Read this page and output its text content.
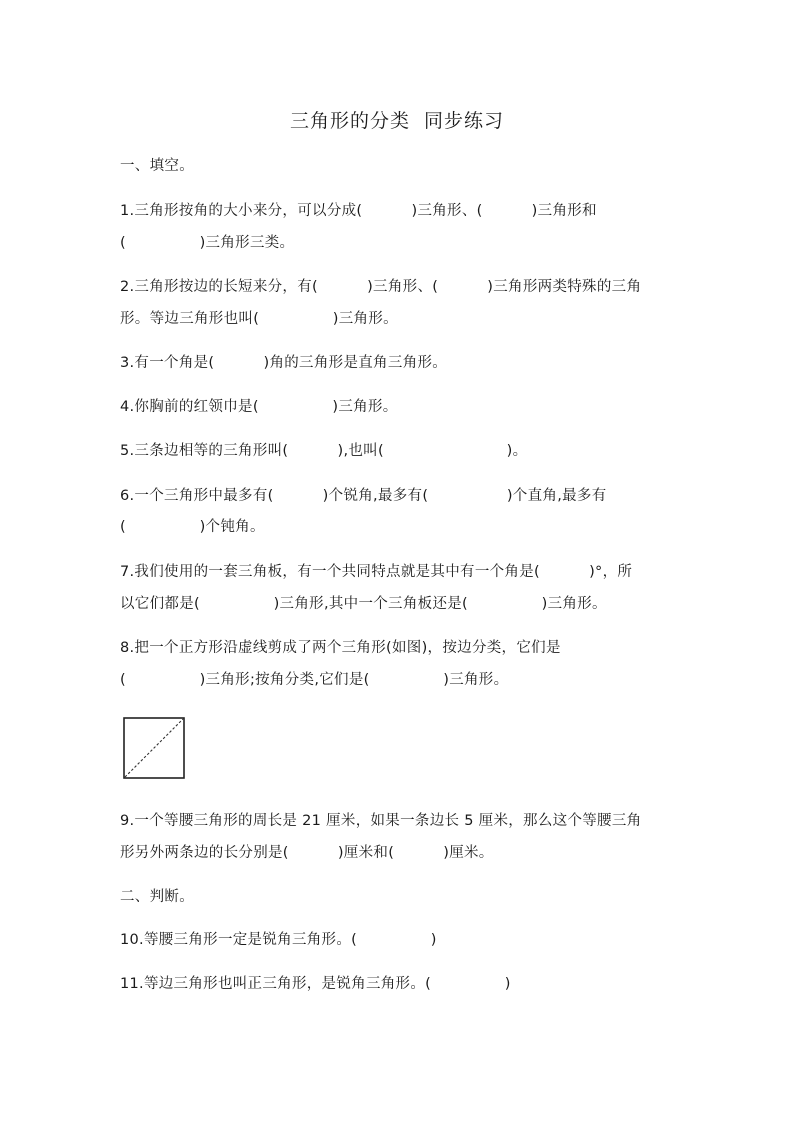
三角形的分类  同步练习
一、填空。
1.三角形按角的大小来分，可以分成(          )三角形、(          )三角形和
(               )三角形三类。
2.三角形按边的长短来分，有(          )三角形、(          )三角形两类特殊的三角
形。等边三角形也叫(               )三角形。
3.有一个角是(          )角的三角形是直角三角形。
4.你胸前的红领巾是(               )三角形。
5.三条边相等的三角形叫(          ),也叫(                         )。
6.一个三角形中最多有(          )个锐角,最多有(                )个直角,最多有
(               )个钝角。
7.我们使用的一套三角板，有一个共同特点就是其中有一个角是(          )°，所
以它们都是(               )三角形,其中一个三角板还是(               )三角形。
8.把一个正方形沿虚线剪成了两个三角形(如图)，按边分类，它们是
(               )三角形;按角分类,它们是(               )三角形。
9.一个等腰三角形的周长是 21 厘米，如果一条边长 5 厘米，那么这个等腰三角
形另外两条边的长分别是(          )厘米和(          )厘米。
二、判断。
10.等腰三角形一定是锐角三角形。(               )
11.等边三角形也叫正三角形，是锐角三角形。(               )
